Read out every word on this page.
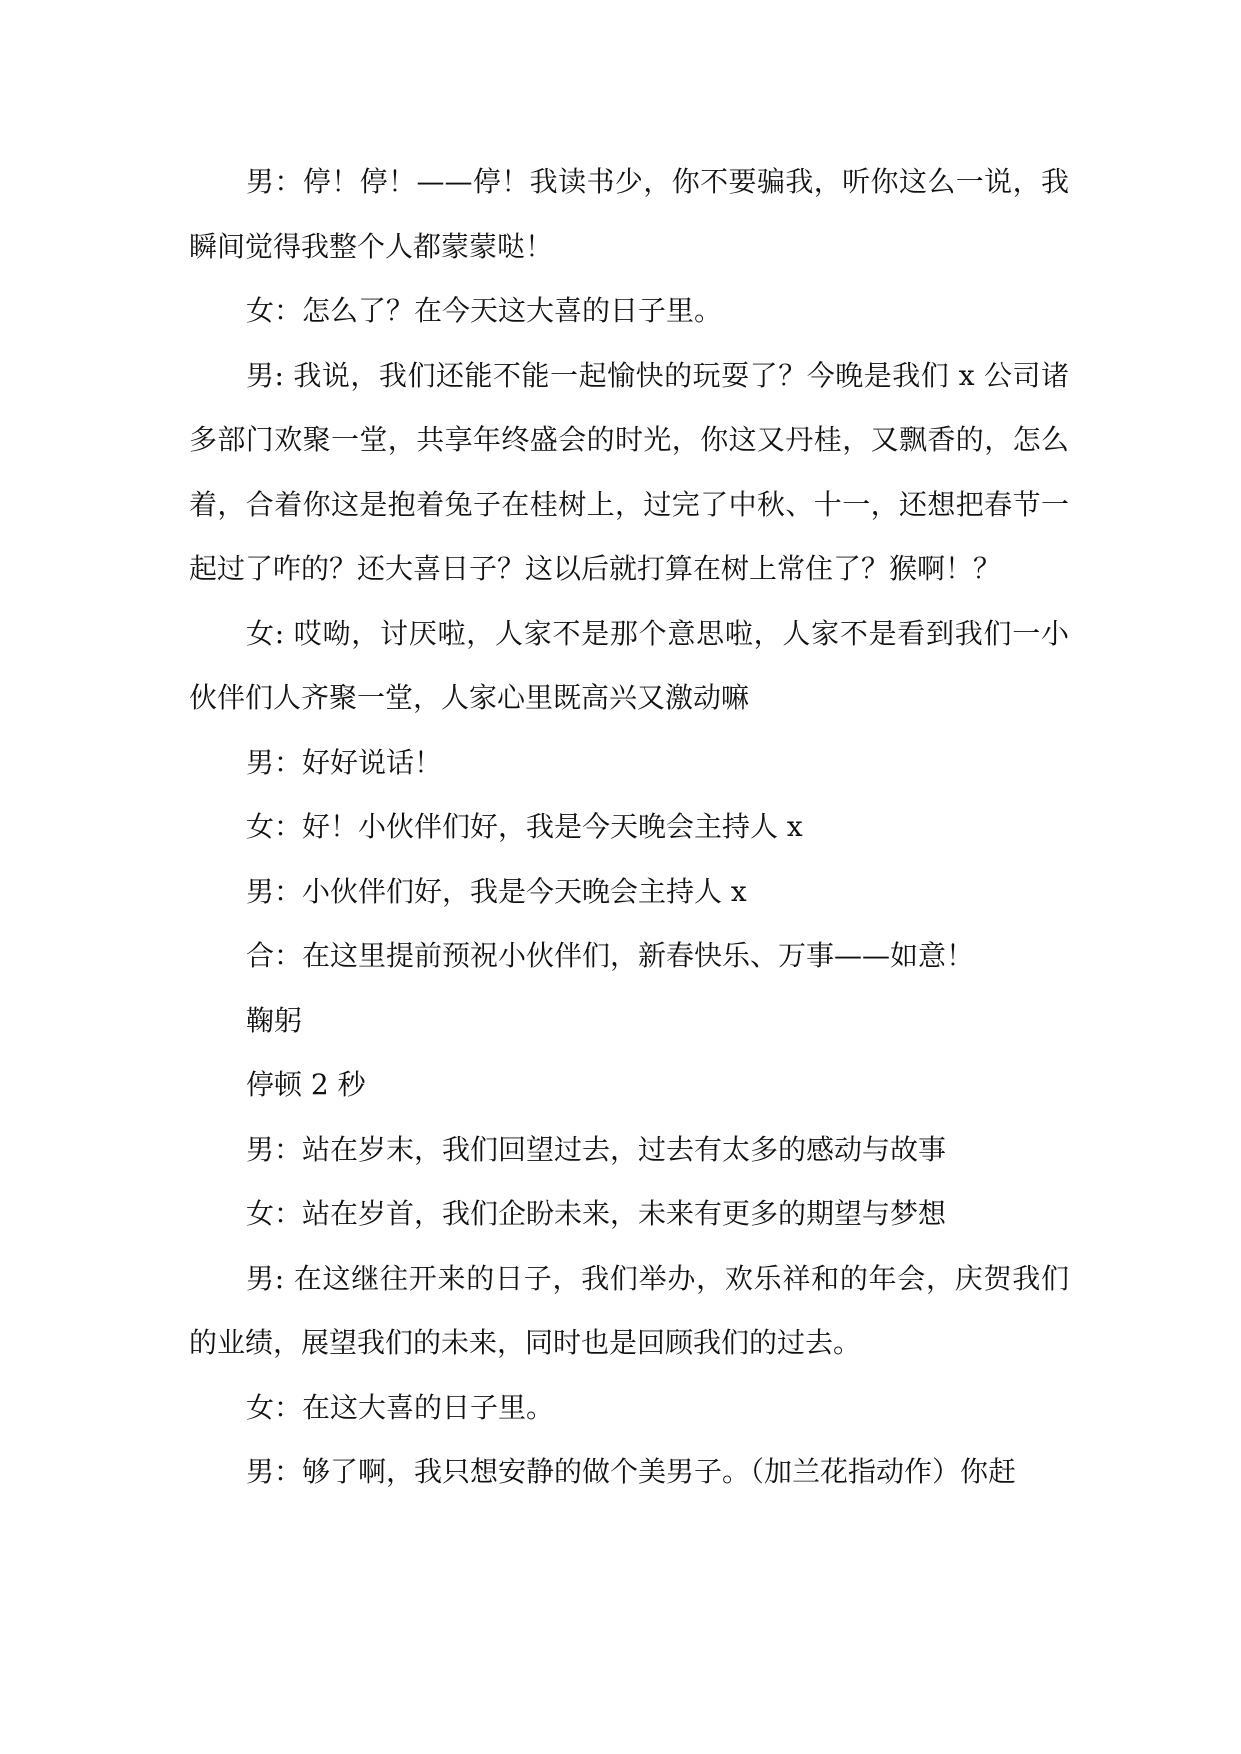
男：停！停！——停！我读书少，你不要骗我，听你这么一说，我瞬间觉得我整个人都蒙蒙哒！

女：怎么了？在今天这大喜的日子里。

男: 我说，我们还能不能一起愉快的玩耍了？今晚是我们 x 公司诸多部门欢聚一堂，共享年终盛会的时光，你这又丹桂，又飘香的，怎么着，合着你这是抱着兔子在桂树上，过完了中秋、十一，还想把春节一起过了咋的？还大喜日子？这以后就打算在树上常住了？猴啊！？

女: 哎呦，讨厌啦，人家不是那个意思啦，人家不是看到我们一小伙伴们人齐聚一堂，人家心里既高兴又激动嘛

男：好好说话！

女：好！小伙伴们好，我是今天晚会主持人 x

男：小伙伴们好，我是今天晚会主持人 x

合：在这里提前预祝小伙伴们，新春快乐、万事——如意！

鞠躬

停顿 2 秒

男：站在岁末，我们回望过去，过去有太多的感动与故事

女：站在岁首，我们企盼未来，未来有更多的期望与梦想

男: 在这继往开来的日子，我们举办，欢乐祥和的年会，庆贺我们的业绩，展望我们的未来，同时也是回顾我们的过去。

女：在这大喜的日子里。

男：够了啊，我只想安静的做个美男子。（加兰花指动作）你赶
